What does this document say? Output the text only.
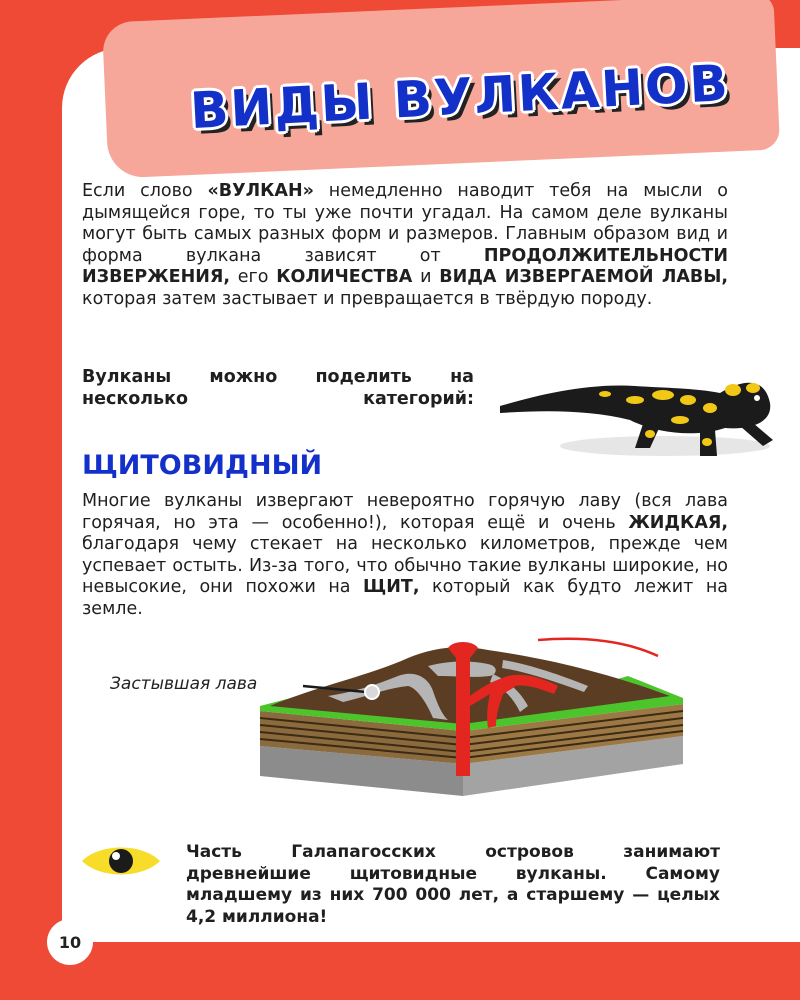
ВИДЫ ВУЛКАНОВ
Если слово «ВУЛКАН» немедленно наводит тебя на мысли о дымящейся горе, то ты уже почти угадал. На самом деле вулканы могут быть самых разных форм и размеров. Главным образом вид и форма вулкана зависят от ПРОДОЛЖИТЕЛЬНОСТИ ИЗВЕРЖЕНИЯ, его КОЛИЧЕСТВА и ВИДА ИЗВЕРГАЕМОЙ ЛАВЫ, которая затем застывает и превращается в твёрдую породу.
Вулканы можно поделить на несколько категорий:
ЩИТОВИДНЫЙ
Многие вулканы извергают невероятно горячую лаву (вся лава горячая, но эта — особенно!), которая ещё и очень ЖИДКАЯ, благодаря чему стекает на несколько километров, прежде чем успевает остыть. Из-за того, что обычно такие вулканы широкие, но невысокие, они похожи на ЩИТ, который как будто лежит на земле.
Застывшая лава
Часть Галапагосских островов занимают древнейшие щитовидные вулканы. Самому младшему из них 700 000 лет, а старшему — целых 4,2 миллиона!
10
